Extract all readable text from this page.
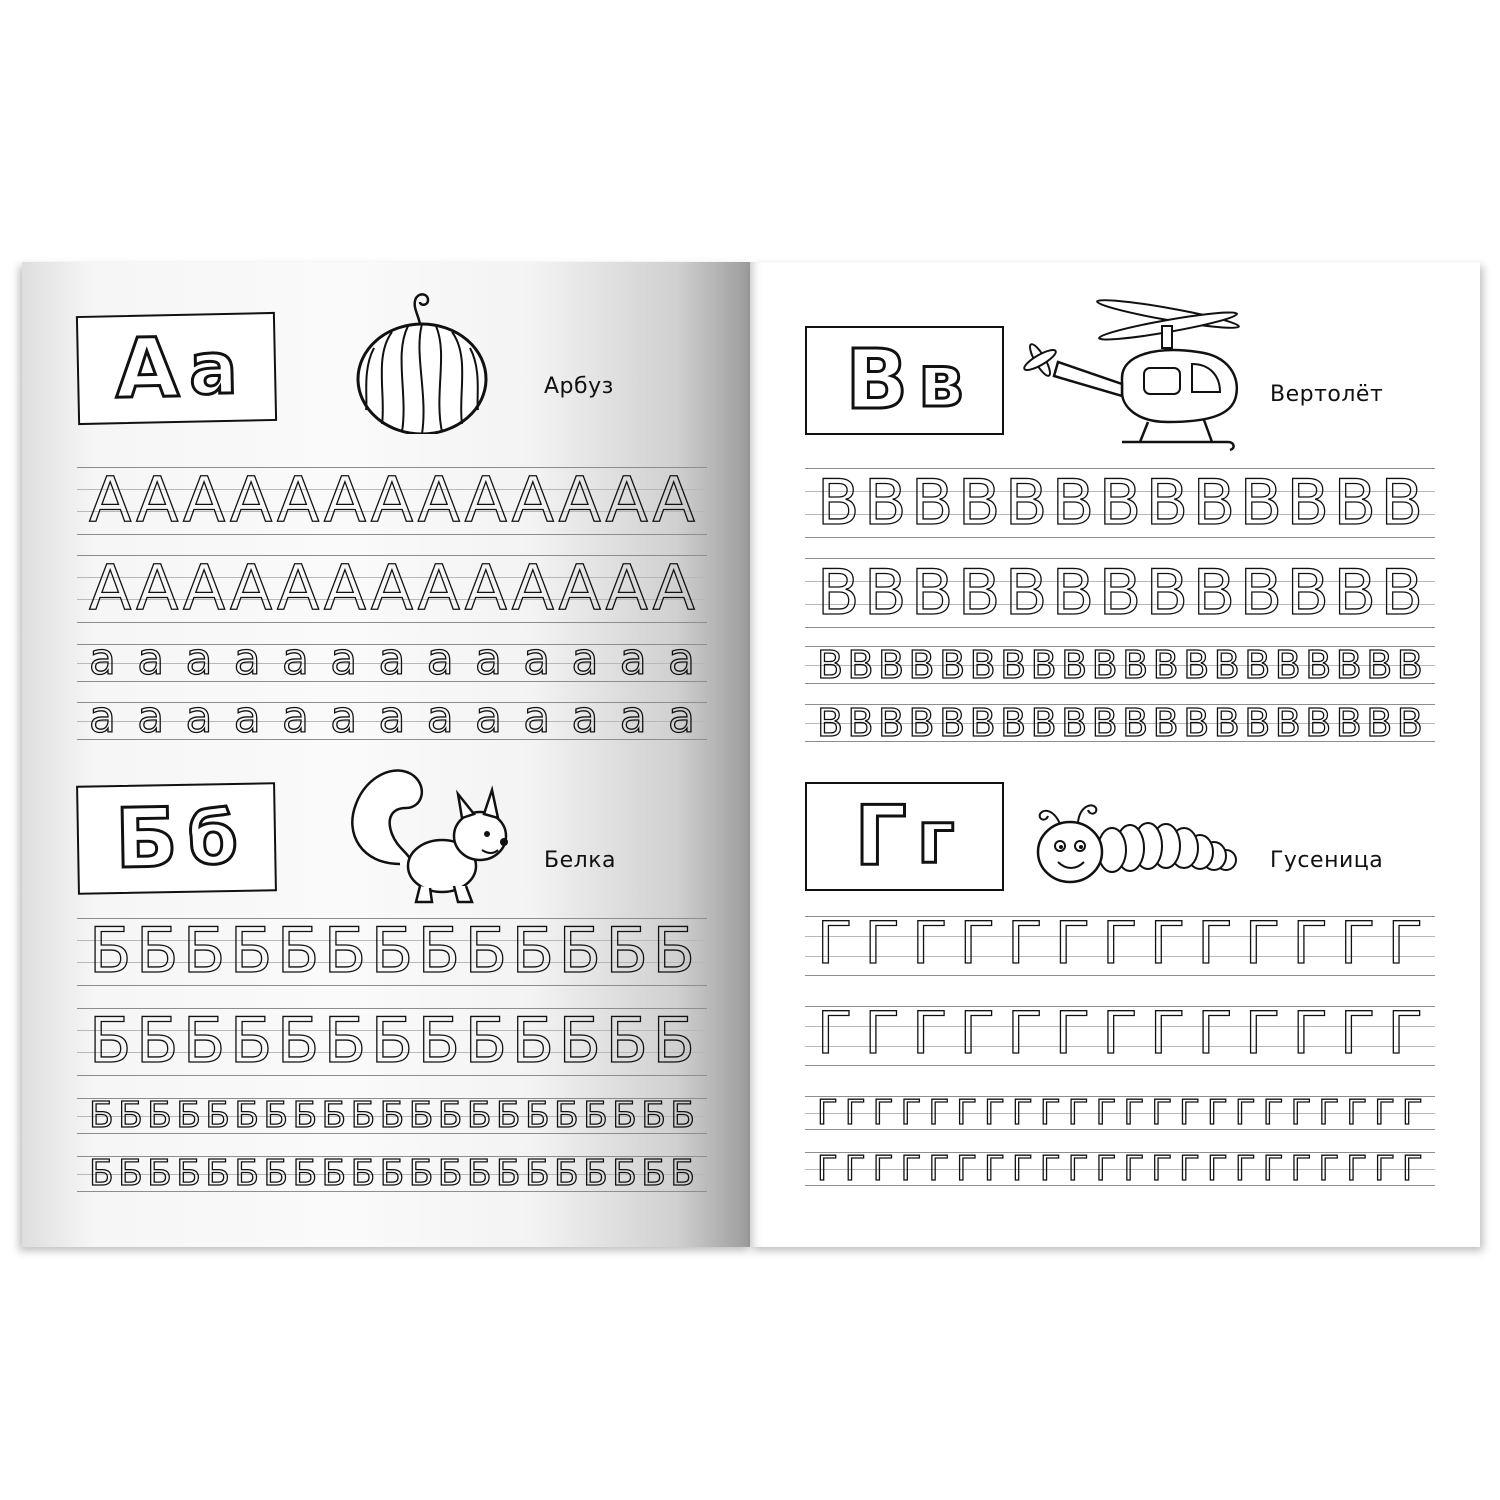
А а	Арбуз
А А А А А А А А А А А А А
А А А А А А А А А А А А А
а а а а а а а а а а а а а
а а а а а а а а а а а а а
Б б	Белка
Б Б Б Б Б Б Б Б Б Б Б Б Б
Б Б Б Б Б Б Б Б Б Б Б Б Б
Б Б Б Б Б Б Б Б Б Б Б Б Б Б Б Б Б Б Б Б Б
Б Б Б Б Б Б Б Б Б Б Б Б Б Б Б Б Б Б Б Б Б
В в	Вертолёт
В В В В В В В В В В В В В
В В В В В В В В В В В В В
В В В В В В В В В В В В В В В В В В В В
В В В В В В В В В В В В В В В В В В В В
Г г	Гусеница
Г Г Г Г Г Г Г Г Г Г Г Г Г
Г Г Г Г Г Г Г Г Г Г Г Г Г
Г Г Г Г Г Г Г Г Г Г Г Г Г Г Г Г Г Г Г Г Г Г
Г Г Г Г Г Г Г Г Г Г Г Г Г Г Г Г Г Г Г Г Г Г
